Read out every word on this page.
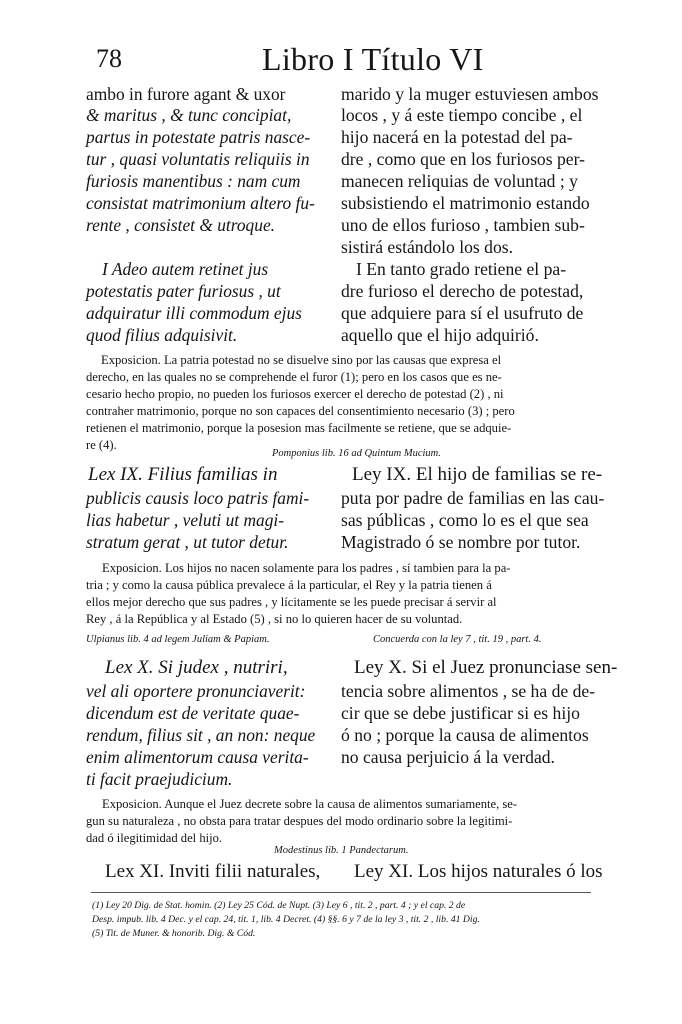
78	Libro I Título VI
ambo in furore agant & uxor
& maritus , & tunc concipiat,
partus in potestate patris nasce-
tur , quasi voluntatis reliquiis in
furiosis manentibus : nam cum
consistat matrimonium altero fu-
rente , consistet & utroque.
marido y la muger estuviesen ambos
locos , y á este tiempo concibe , el
hijo nacerá en la potestad del pa-
dre , como que en los furiosos per-
manecen reliquias de voluntad ; y
subsistiendo el matrimonio estando
uno de ellos furioso , tambien sub-
sistirá estándolo los dos.
I Adeo autem retinet jus
potestatis pater furiosus , ut
adquiratur illi commodum ejus
quod filius adquisivit.
I En tanto grado retiene el pa-
dre furioso el derecho de potestad,
que adquiere para sí el usufruto de
aquello que el hijo adquirió.
Exposicion. La patria potestad no se disuelve sino por las causas que expresa el
derecho, en las quales no se comprehende el furor (1); pero en los casos que es ne-
cesario hecho propio, no pueden los furiosos exercer el derecho de potestad (2) , ni
contraher matrimonio, porque no son capaces del consentimiento necesario (3) ; pero
retienen el matrimonio, porque la posesion mas facilmente se retiene, que se adquie-
re (4).
Pomponius lib. 16 ad Quintum Mucium.
Lex IX. Filius familias in
publicis causis loco patris fami-
lias habetur , veluti ut magi-
stratum gerat , ut tutor detur.
Ley IX. El hijo de familias se re-
puta por padre de familias en las cau-
sas públicas , como lo es el que sea
Magistrado ó se nombre por tutor.
Exposicion. Los hijos no nacen solamente para los padres , sí tambien para la pa-
tria ; y como la causa pública prevalece á la particular, el Rey y la patria tienen á
ellos mejor derecho que sus padres , y lícitamente se les puede precisar á servir al
Rey , á la República y al Estado (5) , si no lo quieren hacer de su voluntad.
Ulpianus lib. 4 ad legem Juliam & Papiam.	Concuerda con la ley 7 , tit. 19 , part. 4.
Lex X. Si judex , nutriri,
vel ali oportere pronunciaverit:
dicendum est de veritate quae-
rendum, filius sit , an non: neque
enim alimentorum causa verita-
ti facit praejudicium.
Ley X. Si el Juez pronunciase sen-
tencia sobre alimentos , se ha de de-
cir que se debe justificar si es hijo
ó no ; porque la causa de alimentos
no causa perjuicio á la verdad.
Exposicion. Aunque el Juez decrete sobre la causa de alimentos sumariamente, se-
gun su naturaleza , no obsta para tratar despues del modo ordinario sobre la legitimi-
dad ó ilegitimidad del hijo.
Modestinus lib. 1 Pandectarum.
Lex XI. Inviti filii naturales, Ley XI. Los hijos naturales ó los
(1) Ley 20 Dig. de Stat. homin. (2) Ley 25 Cód. de Nupt. (3) Ley 6 , tit. 2 , part. 4 ; y el cap. 2 de
Desp. impub. lib. 4 Dec. y el cap. 24, tit. 1, lib. 4 Decret. (4) §§. 6 y 7 de la ley 3 , tit. 2 , lib. 41 Dig.
(5) Tit. de Muner. & honorib. Dig. & Cód.
